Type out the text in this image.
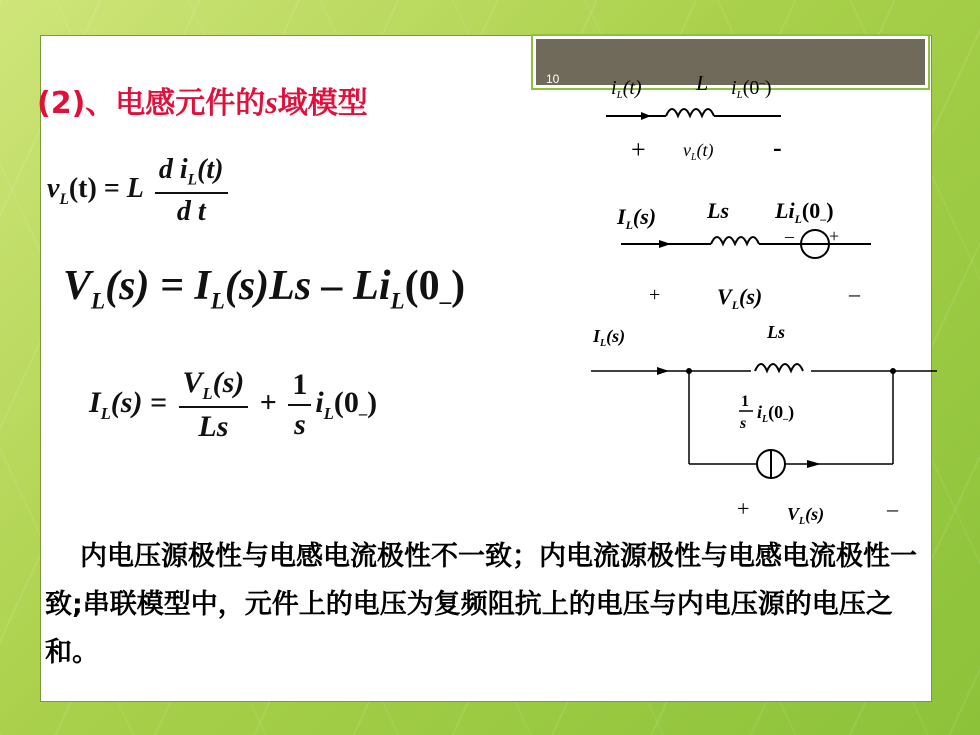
10
(2)、电感元件的s域模型
$v_L(t) = L \frac{d i_L(t)}{\text{d t}}$
$V_L(s) = I_L(s)Ls - Li_L(0_-)$
$I_L(s) = \frac{V_L(s)}{Ls} + \frac{1}{s} i_L(0_-)$
$i_L(t)$ L $i_L(0^-)$
+ $v_L(t)$ -
$I_L(s)$ Ls $Li_L(0_-)$
– +
+	$V_L(s)$	–
$I_L(s)$	Ls
1
s
$i_L(0_-)$
+ $V_L(s)$	–
内电压源极性与电感电流极性不一致；内电流源极性与电感电流极性一致;串联模型中，元件上的电压为复频阻抗上的电压与内电压源的电压之和。
